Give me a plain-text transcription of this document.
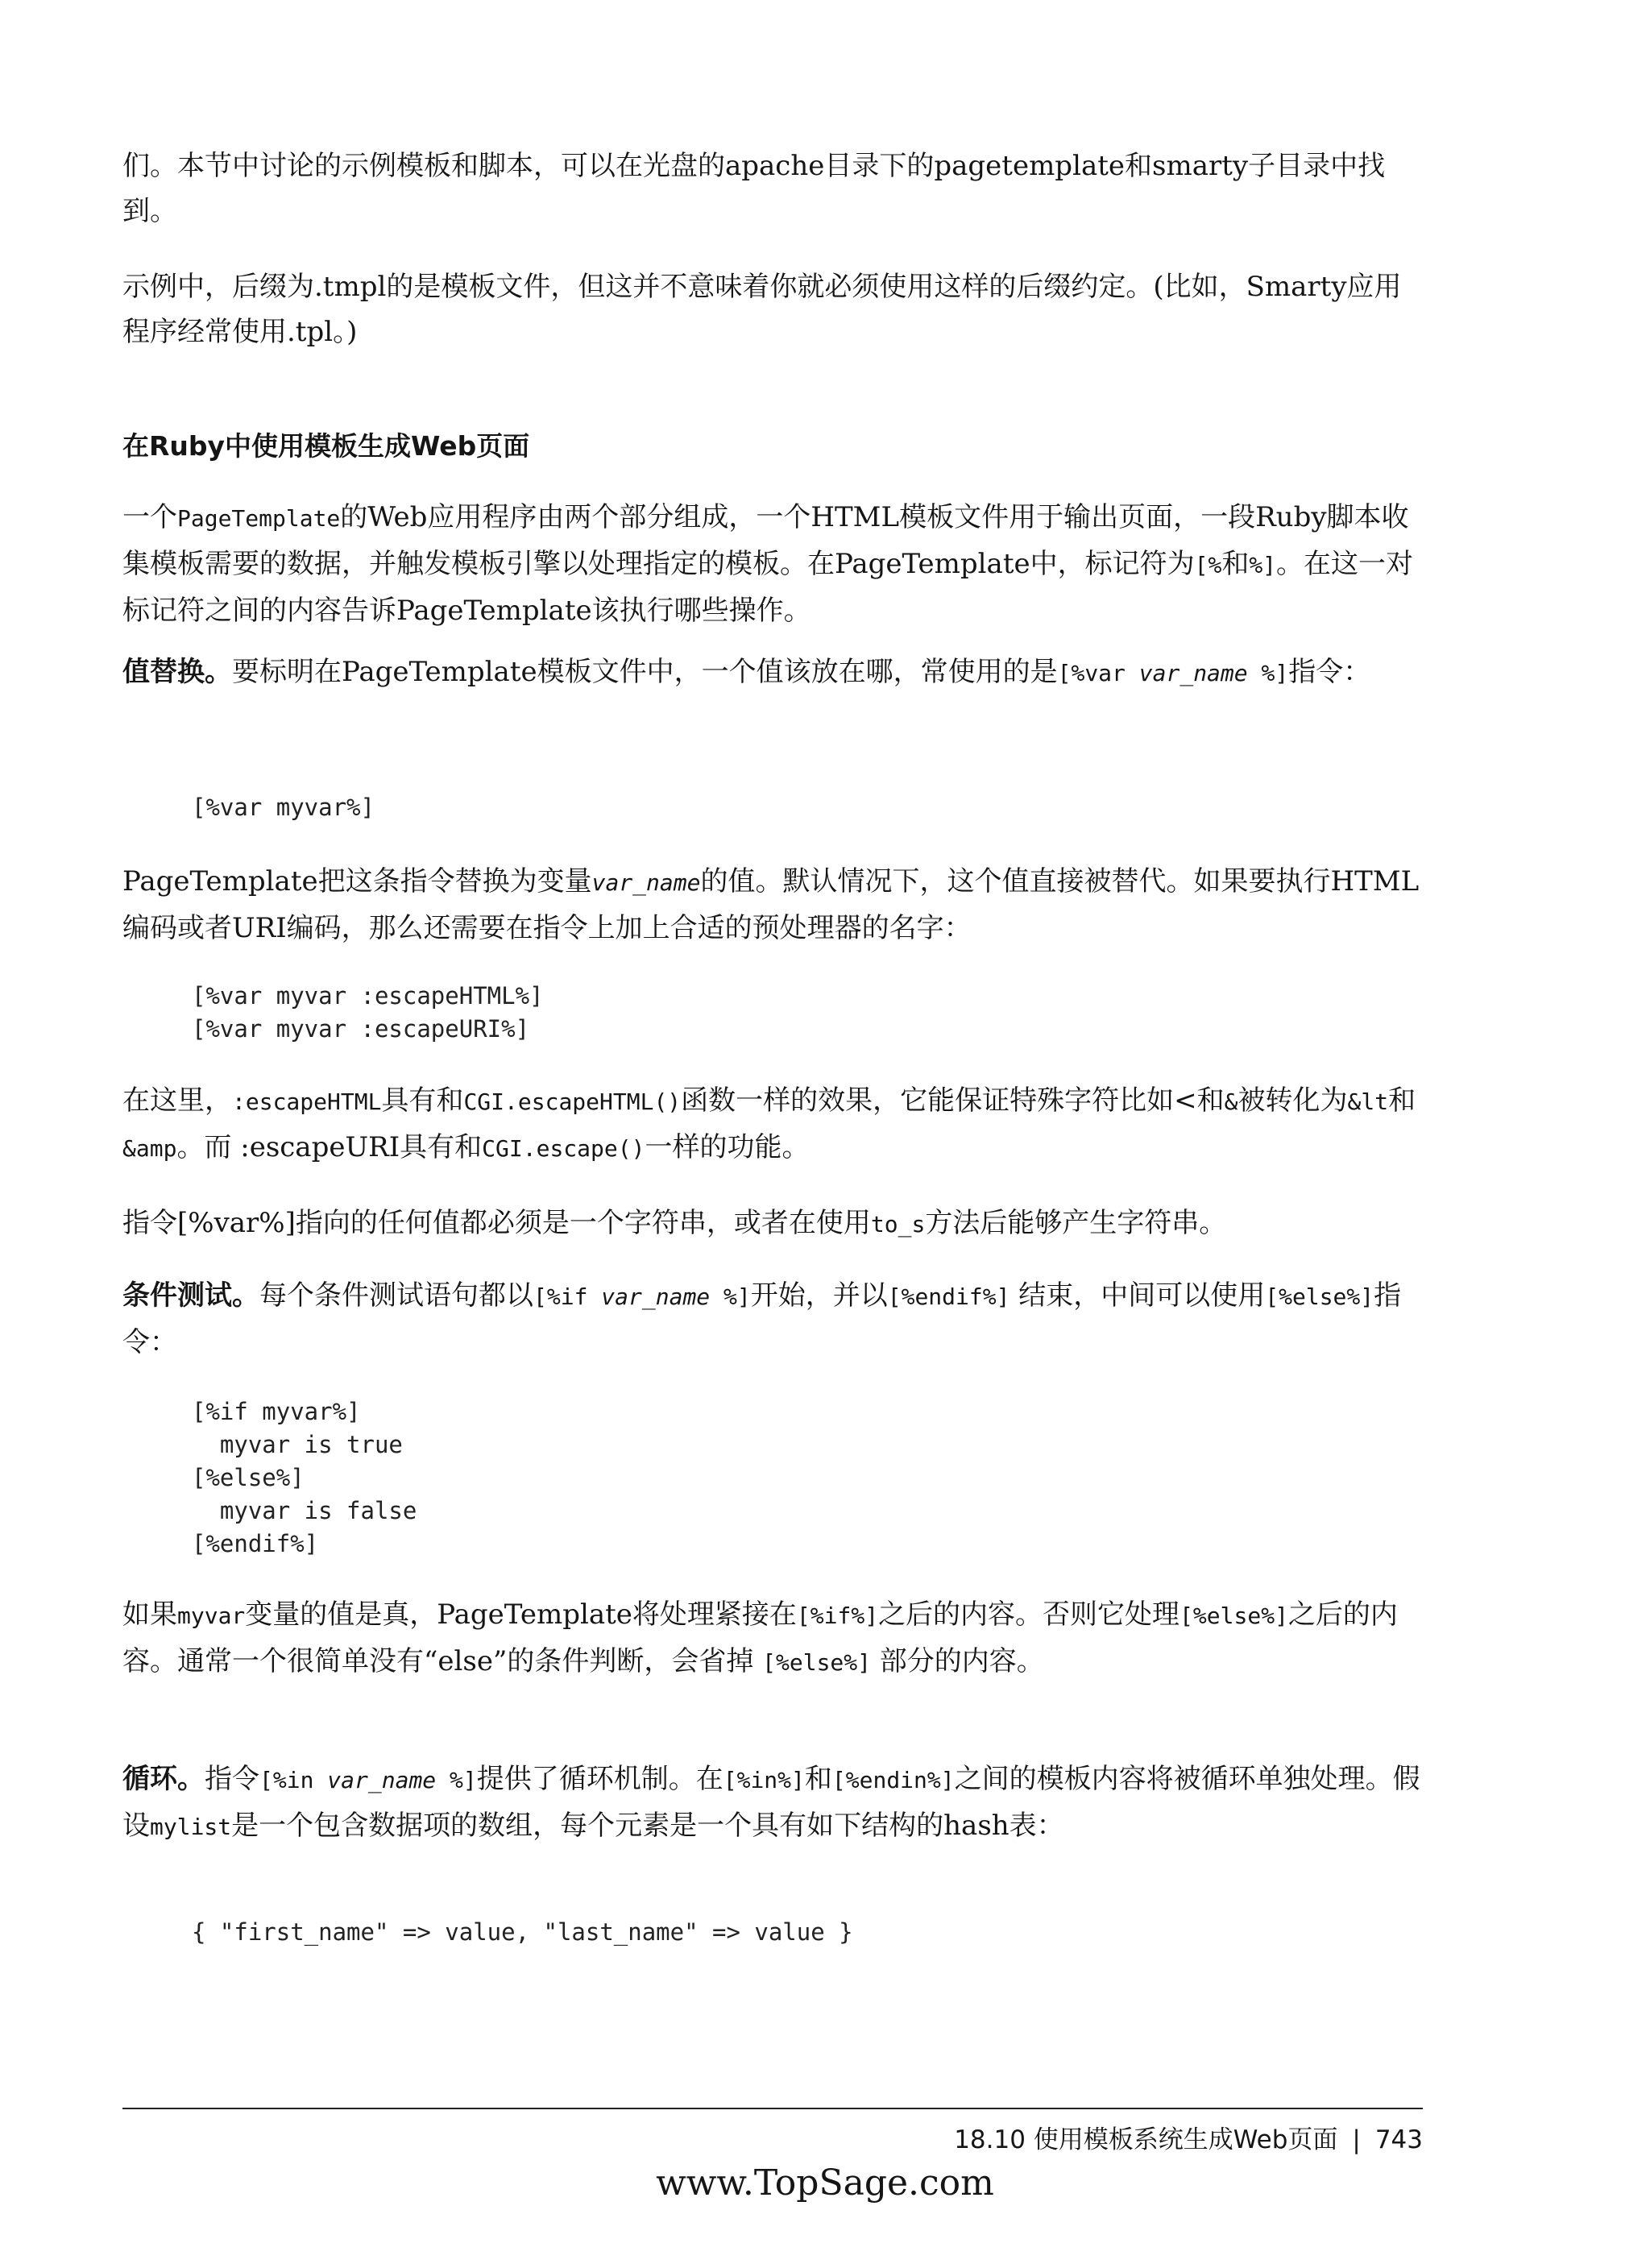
们。本节中讨论的示例模板和脚本，可以在光盘的apache目录下的pagetemplate和smarty子目录中找到。

示例中，后缀为.tmpl的是模板文件，但这并不意味着你就必须使用这样的后缀约定。(比如，Smarty应用程序经常使用.tpl。)

在Ruby中使用模板生成Web页面

一个PageTemplate的Web应用程序由两个部分组成，一个HTML模板文件用于输出页面，一段Ruby脚本收集模板需要的数据，并触发模板引擎以处理指定的模板。在PageTemplate中，标记符为[%和%]。在这一对标记符之间的内容告诉PageTemplate该执行哪些操作。

值替换。要标明在PageTemplate模板文件中，一个值该放在哪，常使用的是[%var var_name %]指令：

[%var myvar%]

PageTemplate把这条指令替换为变量var_name的值。默认情况下，这个值直接被替代。如果要执行HTML编码或者URI编码，那么还需要在指令上加上合适的预处理器的名字：

[%var myvar :escapeHTML%]
[%var myvar :escapeURI%]

在这里，:escapeHTML具有和CGI.escapeHTML()函数一样的效果，它能保证特殊字符比如<和&被转化为&lt和&amp。而 :escapeURI具有和CGI.escape()一样的功能。

指令[%var%]指向的任何值都必须是一个字符串，或者在使用to_s方法后能够产生字符串。

条件测试。每个条件测试语句都以[%if var_name %]开始，并以[%endif%] 结束，中间可以使用[%else%]指令：

[%if myvar%]
myvar is true
[%else%]
myvar is false
[%endif%]

如果myvar变量的值是真，PageTemplate将处理紧接在[%if%]之后的内容。否则它处理[%else%]之后的内容。通常一个很简单没有“else”的条件判断，会省掉 [%else%] 部分的内容。

循环。指令[%in var_name %]提供了循环机制。在[%in%]和[%endin%]之间的模板内容将被循环单独处理。假设mylist是一个包含数据项的数组，每个元素是一个具有如下结构的hash表：

{ "first_name" => value, "last_name" => value }
18.10 使用模板系统生成Web页面 | 743
www.TopSage.com
